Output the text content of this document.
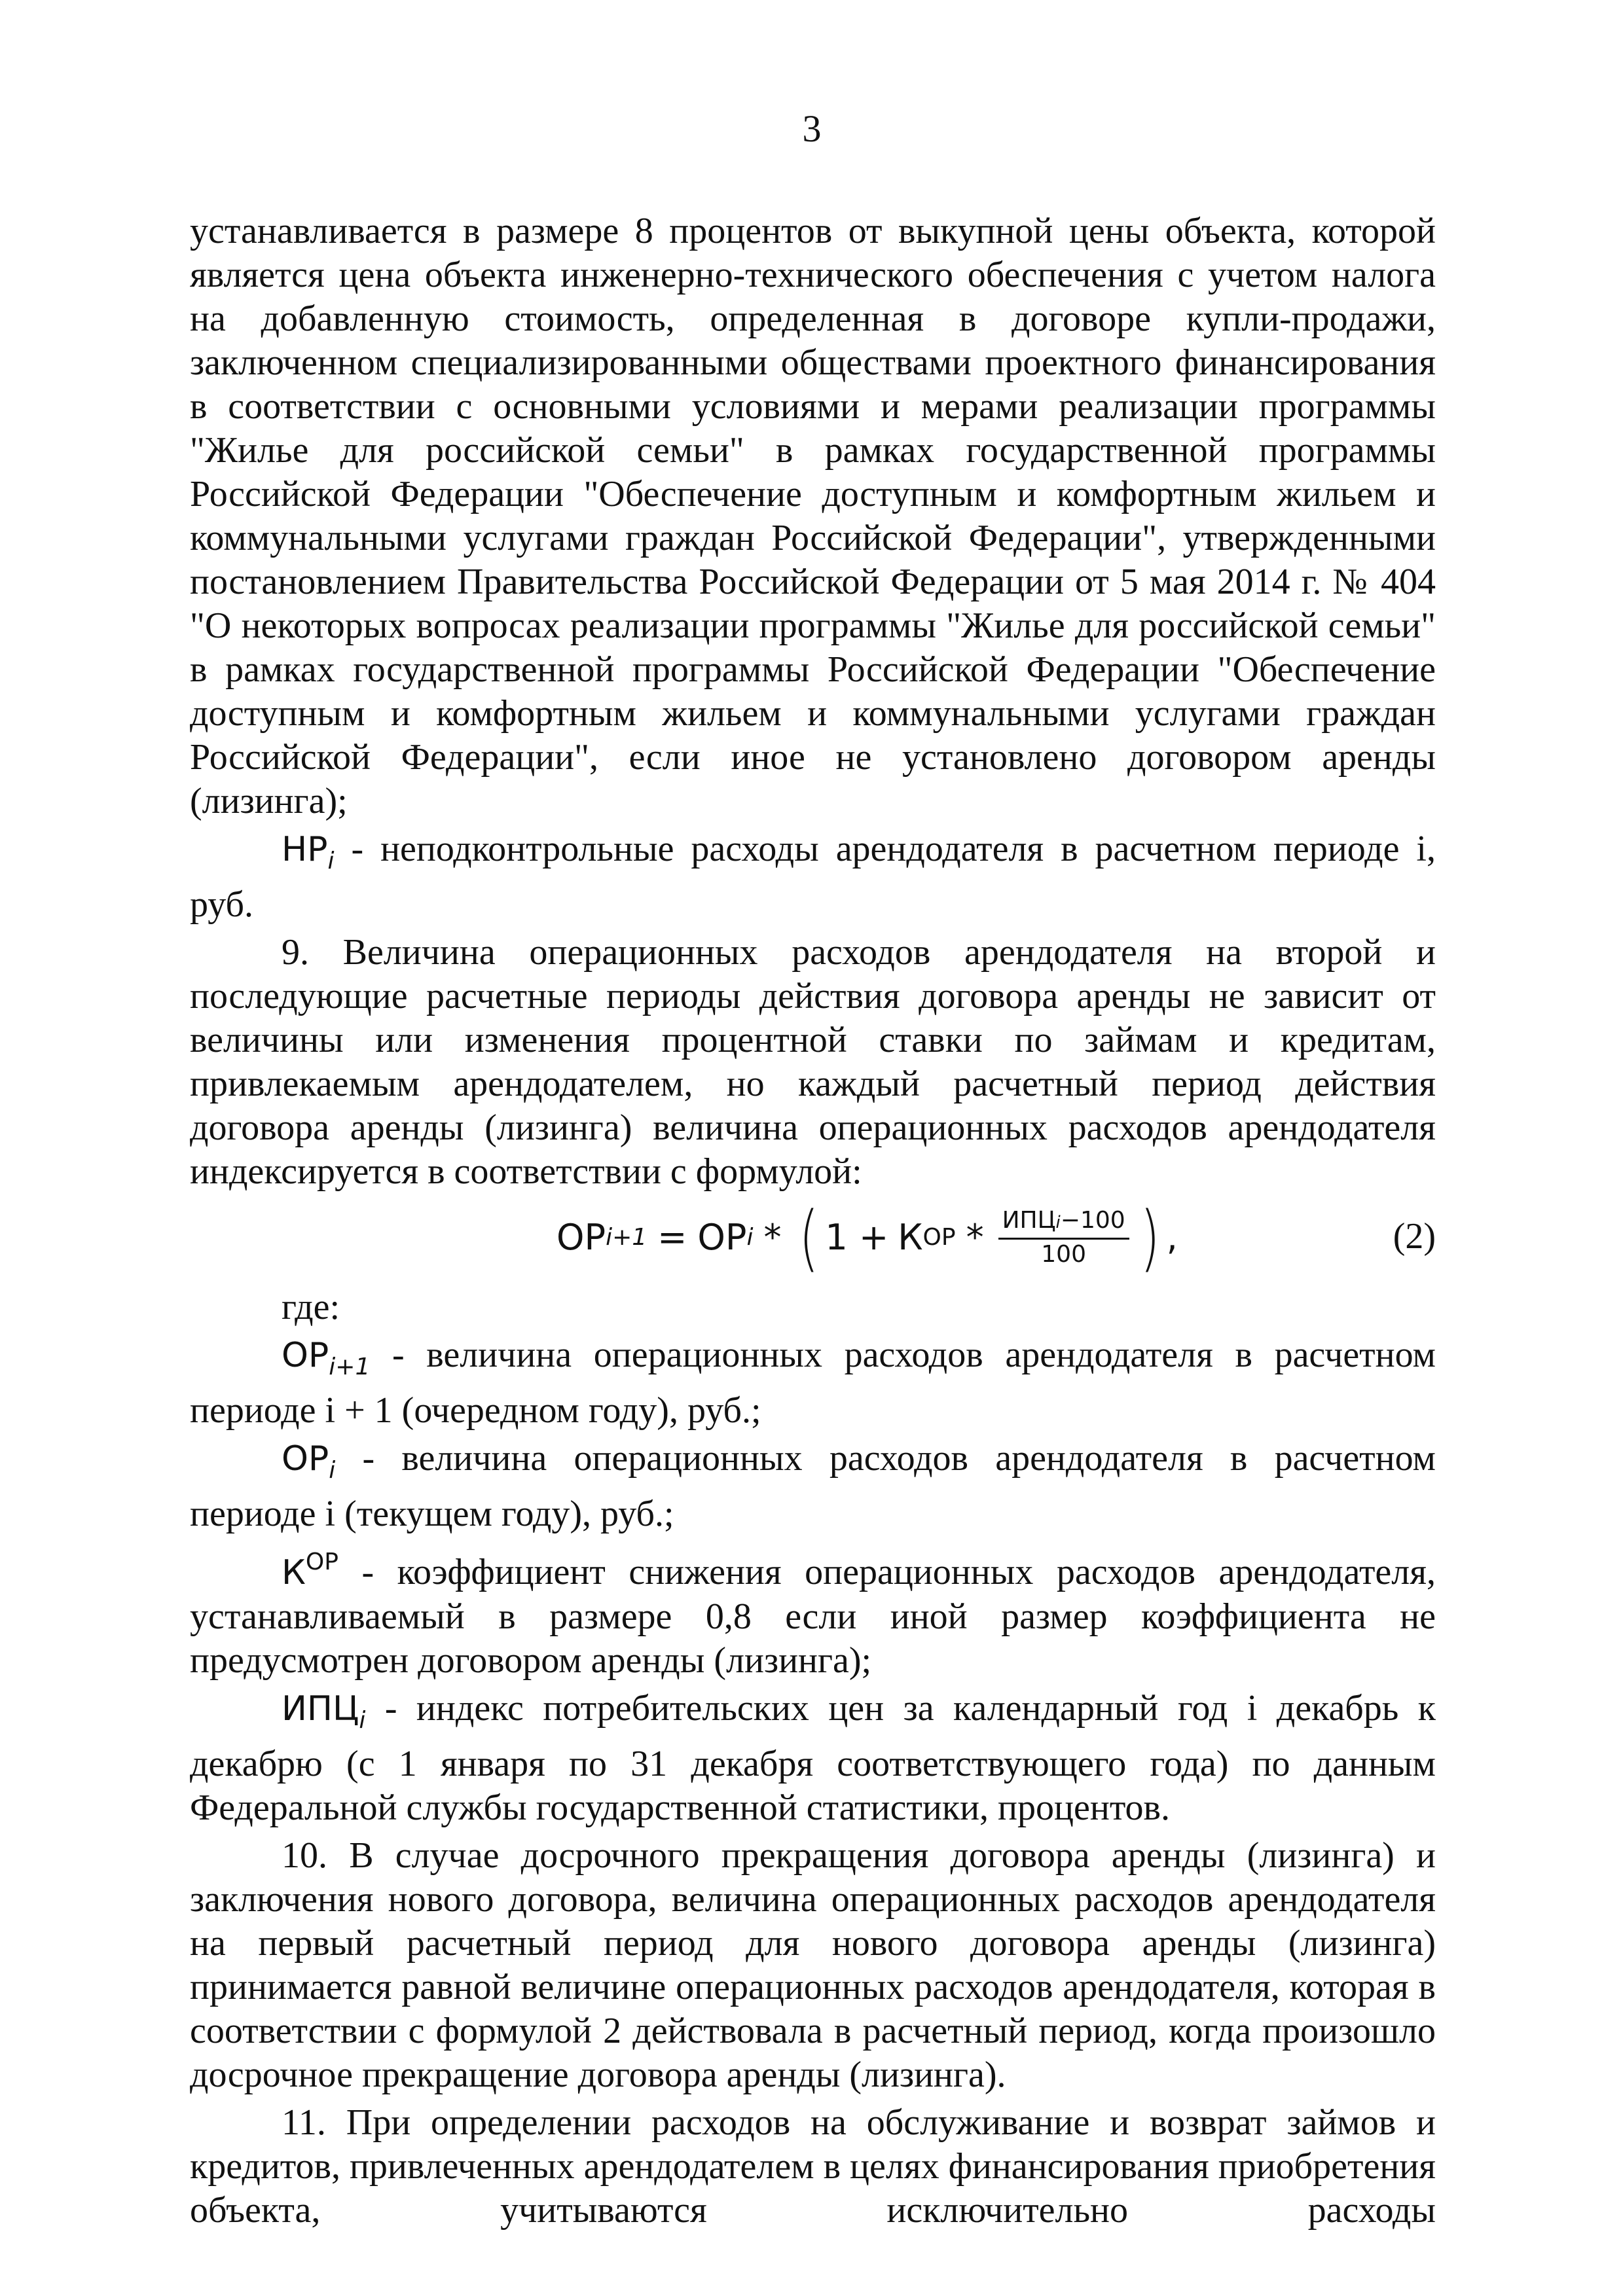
3

устанавливается в размере 8 процентов от выкупной цены объекта, которой является цена объекта инженерно-технического обеспечения с учетом налога на добавленную стоимость, определенная в договоре купли-продажи, заключенном специализированными обществами проектного финансирования в соответствии с основными условиями и мерами реализации программы "Жилье для российской семьи" в рамках государственной программы Российской Федерации "Обеспечение доступным и комфортным жильем и коммунальными услугами граждан Российской Федерации", утвержденными постановлением Правительства Российской Федерации от 5 мая 2014 г. № 404 "О некоторых вопросах реализации программы "Жилье для российской семьи" в рамках государственной программы Российской Федерации "Обеспечение доступным и комфортным жильем и коммунальными услугами граждан Российской Федерации", если иное не установлено договором аренды (лизинга);

$НР_i$ - неподконтрольные расходы арендодателя в расчетном периоде i, руб.

9. Величина операционных расходов арендодателя на второй и последующие расчетные периоды действия договора аренды не зависит от величины или изменения процентной ставки по займам и кредитам, привлекаемым арендодателем, но каждый расчетный период действия договора аренды (лизинга) величина операционных расходов арендодателя индексируется в соответствии с формулой:

ОР i+1 = ОР i * ( 1 + К ОР * $\frac{\text{ИПЦi−100}}{100}$ ) ,	(2)

где:

$ОР_{i+1}$ - величина операционных расходов арендодателя в расчетном периоде i + 1 (очередном году), руб.;

$ОР_i$ - величина операционных расходов арендодателя в расчетном периоде i (текущем году), руб.;

$К^{ОР}$ - коэффициент снижения операционных расходов арендодателя, устанавливаемый в размере 0,8 если иной размер коэффициента не предусмотрен договором аренды (лизинга);

$ИПЦ_i$ - индекс потребительских цен за календарный год i декабрь к декабрю (с 1 января по 31 декабря соответствующего года) по данным Федеральной службы государственной статистики, процентов.

10. В случае досрочного прекращения договора аренды (лизинга) и заключения нового договора, величина операционных расходов арендодателя на первый расчетный период для нового договора аренды (лизинга) принимается равной величине операционных расходов арендодателя, которая в соответствии с формулой 2 действовала в расчетный период, когда произошло досрочное прекращение договора аренды (лизинга).

11. При определении расходов на обслуживание и возврат займов и кредитов, привлеченных арендодателем в целях финансирования приобретения объекта, учитываются исключительно расходы
